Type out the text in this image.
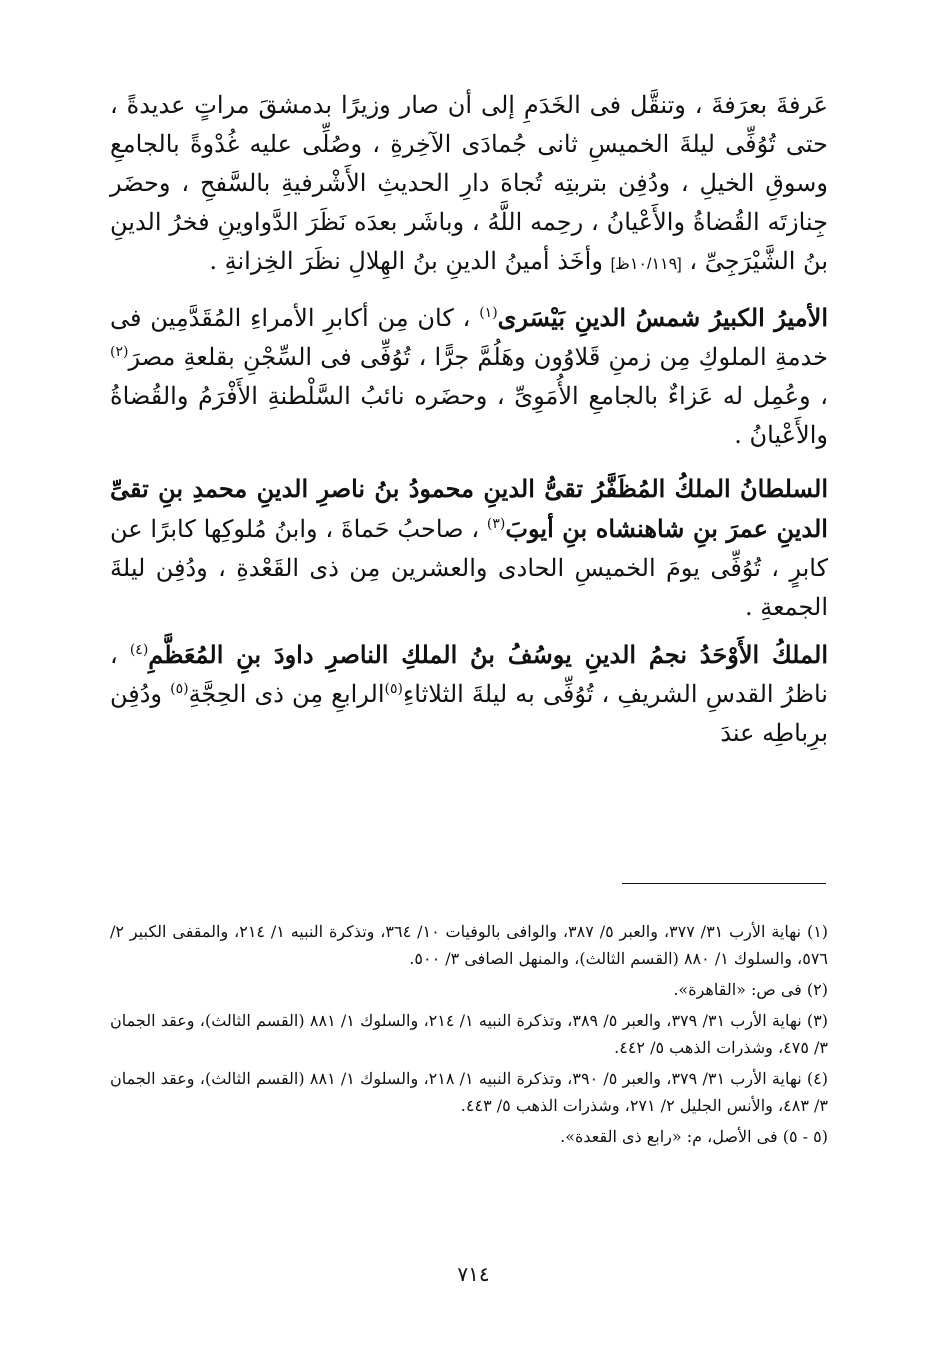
عَرفةَ بعرَفةَ ، وتنقَّل فى الخَدَمِ إلى أن صار وزيرًا بدمشقَ مراتٍ عديدةً ، حتى تُوُفِّى ليلةَ الخميسِ ثانى جُمادَى الآخِرةِ ، وصُلِّى عليه غُدْوةً بالجامعِ وسوقِ الخيلِ ، ودُفِن بتربتِه تُجاهَ دارِ الحديثِ الأَشْرفيةِ بالسَّفحِ ، وحضَر جِنازتَه القُضاةُ والأَعْيانُ ، رحِمه اللَّهُ ، وباشَر بعدَه نَظَرَ الدَّواوينِ فخرُ الدينِ بنُ الشَّيْرَجِىِّ ، [١٠/١١٩ظ] وأخَذ أمينُ الدينِ بنُ الهِلالِ نظَرَ الخِزانةِ .

الأميرُ الكبيرُ شمسُ الدينِ بَيْسَرى$^{(١)}$ ، كان مِن أكابرِ الأمراءِ المُقَدَّمِين فى خدمةِ الملوكِ مِن زمنِ قَلاوُون وهَلُمَّ جرًّا ، تُوُفِّى فى السِّجْنِ بقلعةِ مصرَ$^{(٢)}$ ، وعُمِل له عَزاءٌ بالجامعِ الأُمَوِىِّ ، وحضَره نائبُ السَّلْطنةِ الأَفْرَمُ والقُضاةُ والأَعْيانُ .

السلطانُ الملكُ المُظَفَّرُ تقىُّ الدينِ محمودُ بنُ ناصرِ الدينِ محمدِ بنِ تقىِّ الدينِ عمرَ بنِ شاهنشاه بنِ أيوبَ$^{(٣)}$ ، صاحبُ حَماةَ ، وابنُ مُلوكِها كابرًا عن كابرٍ ، تُوُفِّى يومَ الخميسِ الحادى والعشرين مِن ذى القَعْدةِ ، ودُفِن ليلةَ الجمعةِ .

الملكُ الأَوْحَدُ نجمُ الدينِ يوسُفُ بنُ الملكِ الناصرِ داودَ بنِ المُعَظَّمِ$^{(٤)}$ ، ناظرُ القدسِ الشريفِ ، تُوُفِّى به ليلةَ الثلاثاءِ$^{(٥)}$الرابعِ مِن ذى الحِجَّةِ$^{(٥)}$ ودُفِن برِباطِه عندَ

(١) نهاية الأرب ٣١/ ٣٧٧، والعبر ٥/ ٣٨٧، والوافى بالوفيات ١٠/ ٣٦٤، وتذكرة النبيه ١/ ٢١٤، والمقفى الكبير ٢/ ٥٧٦، والسلوك ١/ ٨٨٠ (القسم الثالث)، والمنهل الصافى ٣/ ٥٠٠.

(٢) فى ص: «القاهرة».

(٣) نهاية الأرب ٣١/ ٣٧٩، والعبر ٥/ ٣٨٩، وتذكرة النبيه ١/ ٢١٤، والسلوك ١/ ٨٨١ (القسم الثالث)، وعقد الجمان ٣/ ٤٧٥، وشذرات الذهب ٥/ ٤٤٢.

(٤) نهاية الأرب ٣١/ ٣٧٩، والعبر ٥/ ٣٩٠، وتذكرة النبيه ١/ ٢١٨، والسلوك ١/ ٨٨١ (القسم الثالث)، وعقد الجمان ٣/ ٤٨٣، والأنس الجليل ٢/ ٢٧١، وشذرات الذهب ٥/ ٤٤٣.

(٥ - ٥) فى الأصل، م: «رابع ذى القعدة».

٧١٤
